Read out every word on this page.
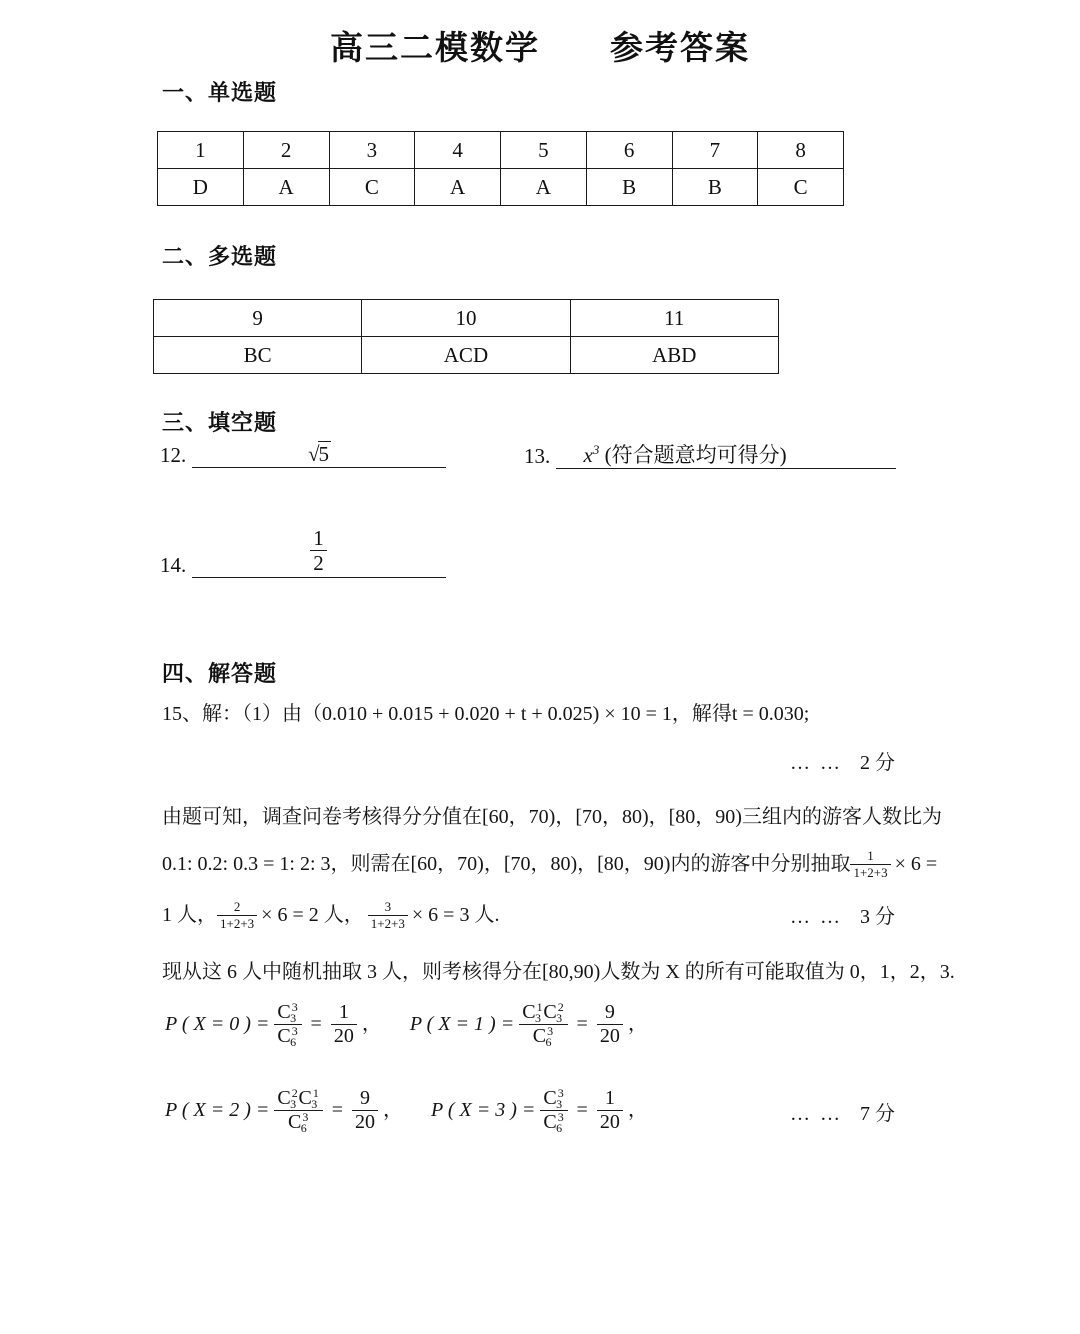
高三二模数学　　参考答案
一、单选题
1	2	3	4	5	6	7	8
D	A	C	A	A	B	B	C
二、多选题
9	10	11
BC	ACD	ABD
三、填空题
12.	√5	13. $x^3$ (符合题意均可得分)
14.	$\frac{1}{2}$
四、解答题
15、解：（1）由（0.010 + 0.015 + 0.020 + t + 0.025) × 10 = 1，解得t = 0.030;
…  …　2 分
由题可知，调查问卷考核得分分值在[60，70)，[70，80)，[80，90)三组内的游客人数比为
0.1: 0.2: 0.3 = 1: 2: 3，则需在[60，70)，[70，80)，[80，90)内的游客中分别抽取 $\frac{1}{1+2+3} \times 6$ =
1 人， $\frac{2}{1+2+3} \times 6 = 2$ 人， $\frac{3}{1+2+3} \times 6 = 3$ 人.	…  …　3 分
现从这 6 人中随机抽取 3 人，则考核得分在[80,90)人数为 X 的所有可能取值为 0，1，2，3.
P ( X = 0 ) = $\frac{C^33}{C^36} = \frac{1}{20}$ ， P ( X = 1 ) = $\frac{C^13 C^23}{C^36} = \frac{9}{20}$ ，
P ( X = 2 ) = $\frac{C^23 C^13}{C^36} = \frac{9}{20}$ ， P ( X = 3 ) = $\frac{C^33}{C^36} = \frac{1}{20}$ ，	…  …　7 分
